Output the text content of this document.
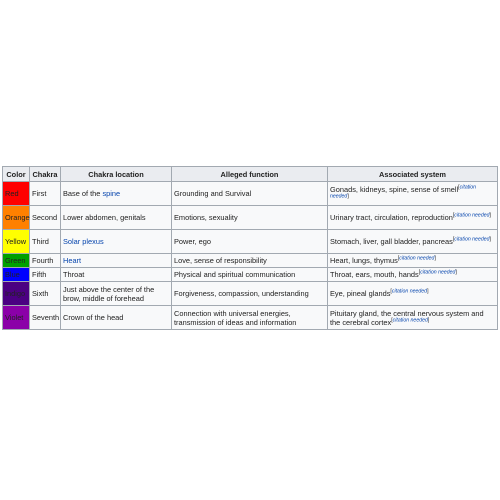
Color	Chakra	Chakra location	Alleged function	Associated system
Red	First	Base of the spine	Grounding and Survival	Gonads, kidneys, spine, sense of smell[citation needed]
Orange	Second	Lower abdomen, genitals	Emotions, sexuality	Urinary tract, circulation, reproduction[citation needed]
Yellow	Third	Solar plexus	Power, ego	Stomach, liver, gall bladder, pancreas[citation needed]
Green	Fourth	Heart	Love, sense of responsibility	Heart, lungs, thymus[citation needed]
Blue	Fifth	Throat	Physical and spiritual communication	Throat, ears, mouth, hands[citation needed]
Indigo	Sixth	Just above the center of the brow, middle of forehead	Forgiveness, compassion, understanding	Eye, pineal glands[citation needed]
Violet	Seventh	Crown of the head	Connection with universal energies, transmission of ideas and information	Pituitary gland, the central nervous system and the cerebral cortex[citation needed]
